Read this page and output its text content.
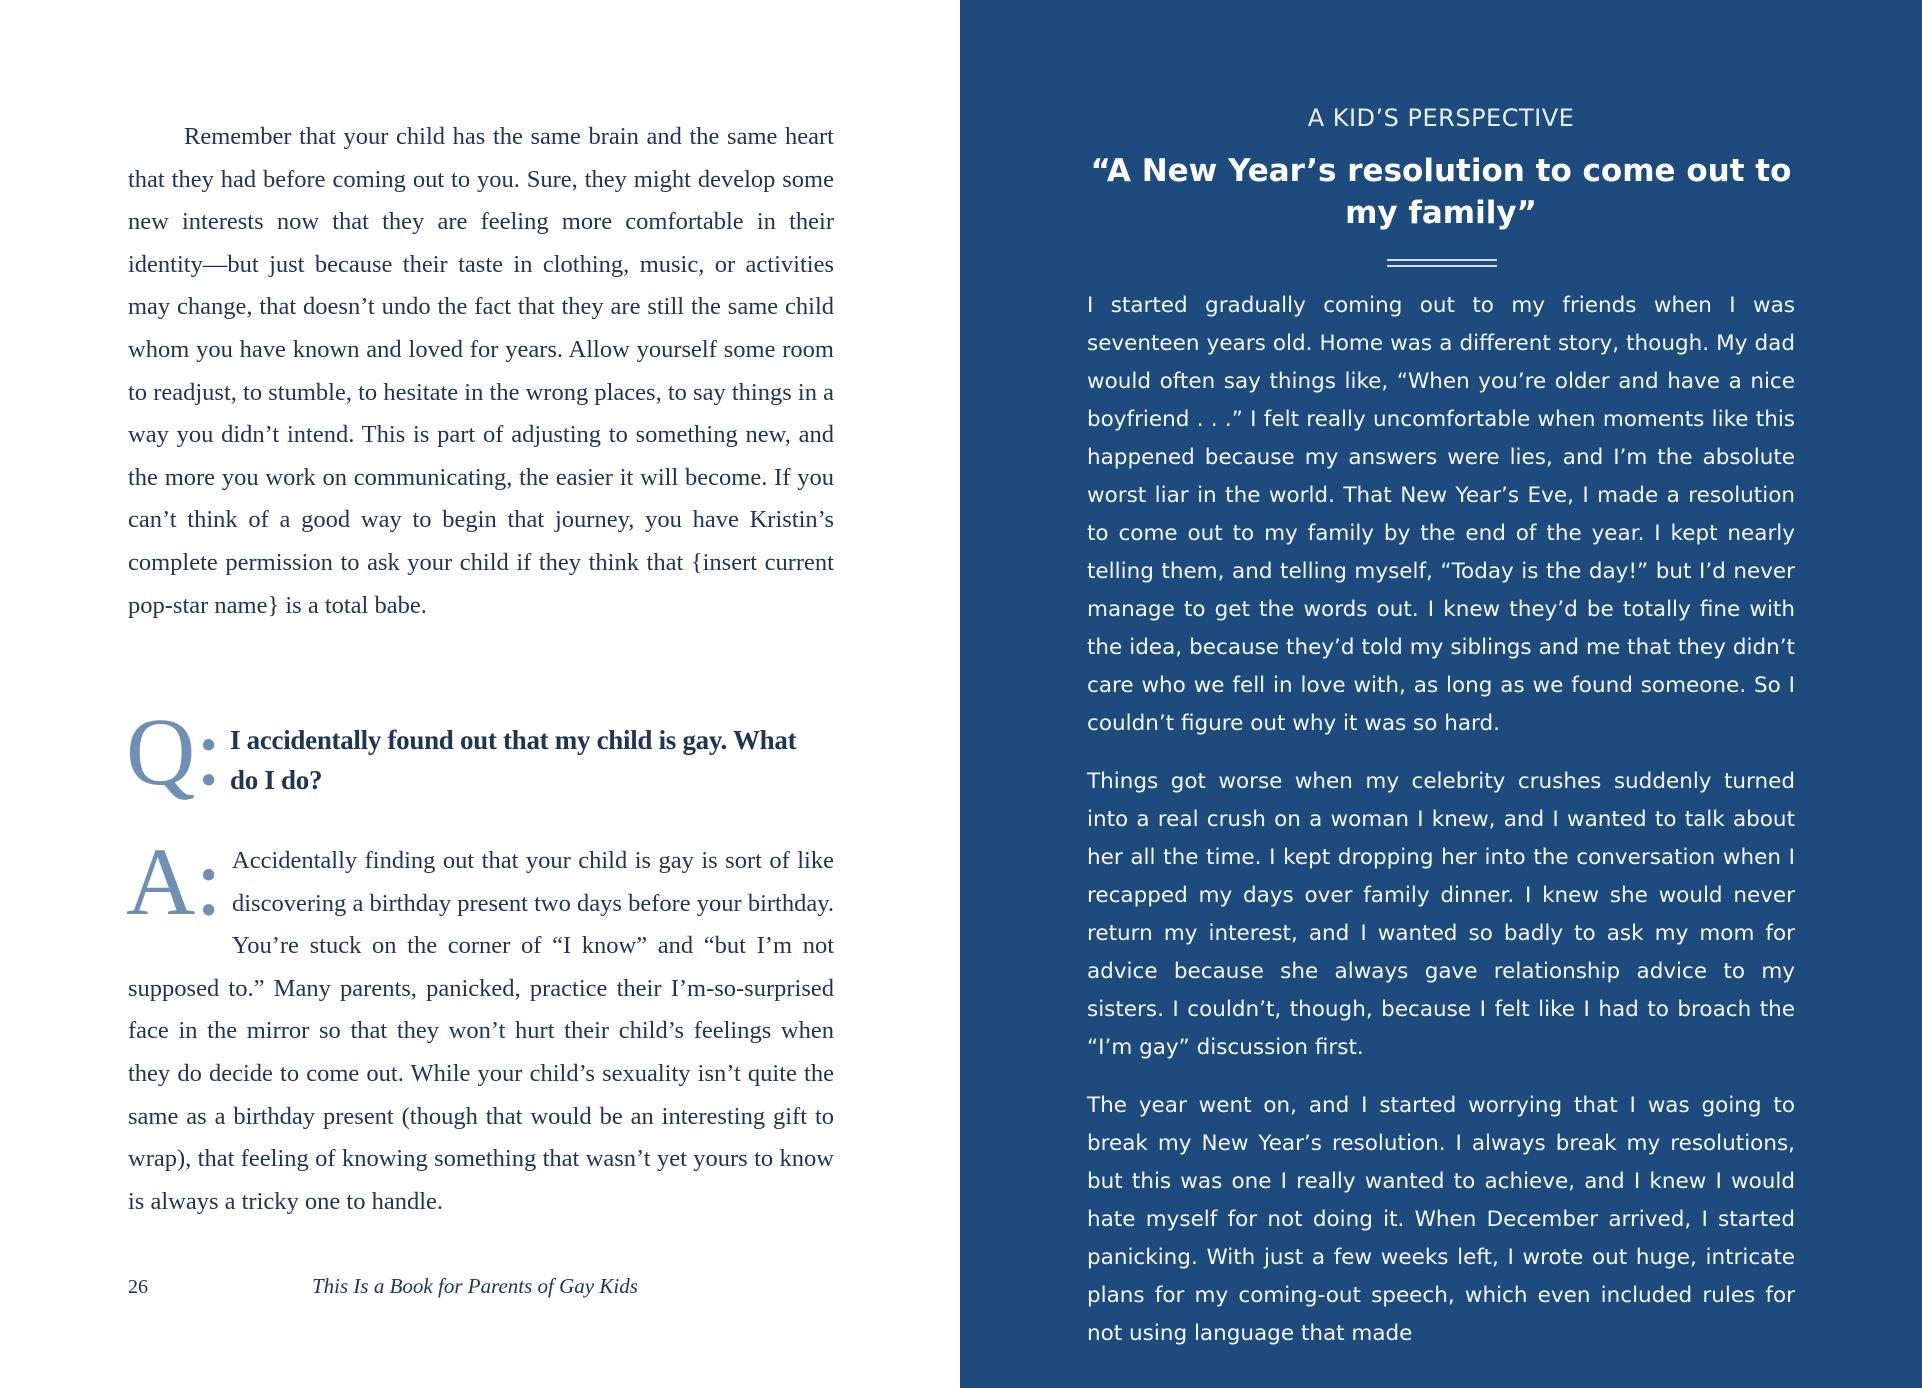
Remember that your child has the same brain and the same heart that they had before coming out to you. Sure, they might develop some new interests now that they are feeling more comfortable in their identity—but just because their taste in clothing, music, or activities may change, that doesn’t undo the fact that they are still the same child whom you have known and loved for years. Allow yourself some room to readjust, to stumble, to hesitate in the wrong places, to say things in a way you didn’t intend. This is part of adjusting to something new, and the more you work on communicating, the easier it will become. If you can’t think of a good way to begin that journey, you have Kristin’s complete permission to ask your child if they think that {insert current pop-star name} is a total babe.

Q: I accidentally found out that my child is gay. What do I do?

A: Accidentally finding out that your child is gay is sort of like discovering a birthday present two days before your birthday. You’re stuck on the corner of “I know” and “but I’m not supposed to.” Many parents, panicked, practice their I’m-so-surprised face in the mirror so that they won’t hurt their child’s feelings when they do decide to come out. While your child’s sexuality isn’t quite the same as a birthday present (though that would be an interesting gift to wrap), that feeling of knowing something that wasn’t yet yours to know is always a tricky one to handle.

26	This Is a Book for Parents of Gay Kids
A KID’S PERSPECTIVE
“A New Year’s resolution to come out to my family”

I started gradually coming out to my friends when I was seventeen years old. Home was a different story, though. My dad would often say things like, “When you’re older and have a nice boyfriend . . .” I felt really uncomfortable when moments like this happened because my answers were lies, and I’m the absolute worst liar in the world. That New Year’s Eve, I made a resolution to come out to my family by the end of the year. I kept nearly telling them, and telling myself, “Today is the day!” but I’d never manage to get the words out. I knew they’d be totally fine with the idea, because they’d told my siblings and me that they didn’t care who we fell in love with, as long as we found someone. So I couldn’t figure out why it was so hard.

Things got worse when my celebrity crushes suddenly turned into a real crush on a woman I knew, and I wanted to talk about her all the time. I kept dropping her into the conversation when I recapped my days over family dinner. I knew she would never return my interest, and I wanted so badly to ask my mom for advice because she always gave relationship advice to my sisters. I couldn’t, though, because I felt like I had to broach the “I’m gay” discussion first.

The year went on, and I started worrying that I was going to break my New Year’s resolution. I always break my resolutions, but this was one I really wanted to achieve, and I knew I would hate myself for not doing it. When December arrived, I started panicking. With just a few weeks left, I wrote out huge, intricate plans for my coming-out speech, which even included rules for not using language that made
